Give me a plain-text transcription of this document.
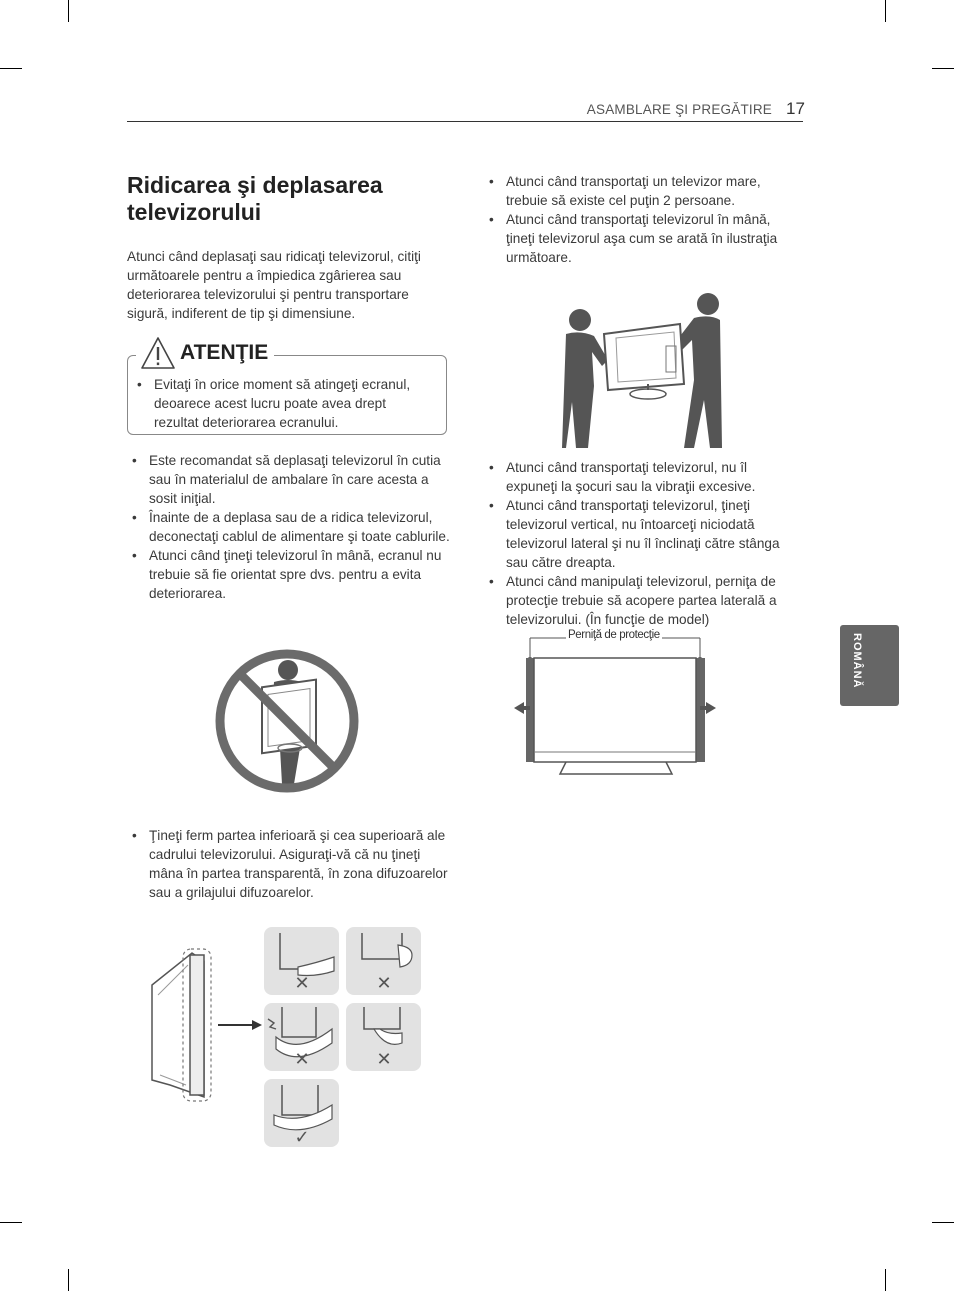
ASAMBLARE ŞI PREGĂTIRE 17
Ridicarea şi deplasarea televizorului

Atunci când deplasaţi sau ridicaţi televizorul, citiţi următoarele pentru a împiedica zgârierea sau deteriorarea televizorului şi pentru transportare sigură, indiferent de tip şi dimensiune.

ATENŢIE
• Evitaţi în orice moment să atingeţi ecranul, deoarece acest lucru poate avea drept rezultat deteriorarea ecranului.
• Este recomandat să deplasaţi televizorul în cutia sau în materialul de ambalare în care acesta a sosit iniţial.
• Înainte de a deplasa sau de a ridica televizorul, deconectaţi cablul de alimentare şi toate cablurile.
• Atunci când ţineţi televizorul în mână, ecranul nu trebuie să fie orientat spre dvs. pentru a evita deteriorarea.
• Ţineţi ferm partea inferioară şi cea superioară ale cadrului televizorului. Asiguraţi-vă că nu ţineţi mâna în partea transparentă, în zona difuzoarelor sau a grilajului difuzoarelor.
✕	✕
✕	✕
✓
• Atunci când transportaţi un televizor mare, trebuie să existe cel puţin 2 persoane.
• Atunci când transportaţi televizorul în mână, ţineţi televizorul aşa cum se arată în ilustraţia următoare.
• Atunci când transportaţi televizorul, nu îl expuneţi la şocuri sau la vibraţii excesive.
• Atunci când transportaţi televizorul, ţineţi televizorul vertical, nu întoarceţi niciodată televizorul lateral şi nu îl înclinaţi către stânga sau către dreapta.
• Atunci când manipulaţi televizorul, perniţa de protecţie trebuie să acopere partea laterală a televizorului. (În funcţie de model)
Perniţă de protecţie	ROMÂNĂ
